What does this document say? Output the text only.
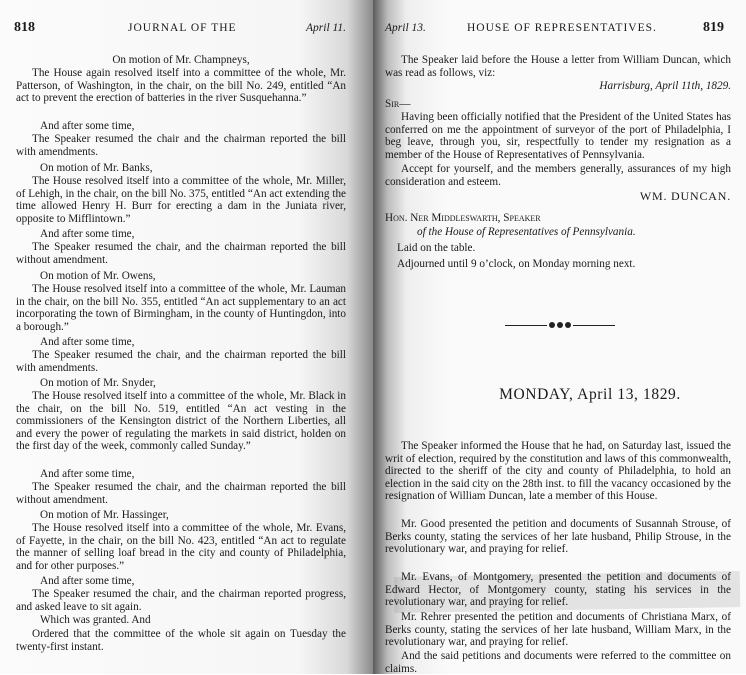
818	JOURNAL OF THE	April 11.
On motion of Mr. Champneys,
The House again resolved itself into a committee of the whole, Mr. Patterson, of Washington, in the chair, on the bill No. 249, entitled “An act to prevent the erection of batteries in the river Susquehanna.”
And after some time,
The Speaker resumed the chair and the chairman reported the bill with amendments.
On motion of Mr. Banks,
The House resolved itself into a committee of the whole, Mr. Miller, of Lehigh, in the chair, on the bill No. 375, entitled “An act extending the time allowed Henry H. Burr for erecting a dam in the Juniata river, opposite to Mifflintown.”
And after some time,
The Speaker resumed the chair, and the chairman reported the bill without amendment.
On motion of Mr. Owens,
The House resolved itself into a committee of the whole, Mr. Lauman in the chair, on the bill No. 355, entitled “An act supplementary to an act incorporating the town of Birmingham, in the county of Huntingdon, into a borough.”
And after some time,
The Speaker resumed the chair, and the chairman reported the bill with amendments.
On motion of Mr. Snyder,
The House resolved itself into a committee of the whole, Mr. Black in the chair, on the bill No. 519, entitled “An act vesting in the commissioners of the Kensington district of the Northern Liberties, all and every the power of regulating the markets in said district, holden on the first day of the week, commonly called Sunday.”
And after some time,
The Speaker resumed the chair, and the chairman reported the bill without amendment.
On motion of Mr. Hassinger,
The House resolved itself into a committee of the whole, Mr. Evans, of Fayette, in the chair, on the bill No. 423, entitled “An act to regulate the manner of selling loaf bread in the city and county of Philadelphia, and for other purposes.”
And after some time,
The Speaker resumed the chair, and the chairman reported progress, and asked leave to sit again.
Which was granted. And
Ordered that the committee of the whole sit again on Tuesday the twenty-first instant.
April 13.	HOUSE OF REPRESENTATIVES.	819
The Speaker laid before the House a letter from William Duncan, which was read as follows, viz:
Harrisburg, April 11th, 1829.
Sir—
Having been officially notified that the President of the United States has conferred on me the appointment of surveyor of the port of Philadelphia, I beg leave, through you, sir, respectfully to tender my resignation as a member of the House of Representatives of Pennsylvania.
Accept for yourself, and the members generally, assurances of my high consideration and esteem.
WM. DUNCAN.
Hon. Ner Middleswarth, Speaker
of the House of Representatives of Pennsylvania.
Laid on the table.
Adjourned until 9 o’clock, on Monday morning next.
MONDAY, April 13, 1829.
The Speaker informed the House that he had, on Saturday last, issued the writ of election, required by the constitution and laws of this commonwealth, directed to the sheriff of the city and county of Philadelphia, to hold an election in the said city on the 28th inst. to fill the vacancy occasioned by the resignation of William Duncan, late a member of this House.
Mr. Good presented the petition and documents of Susannah Strouse, of Berks county, stating the services of her late husband, Philip Strouse, in the revolutionary war, and praying for relief.
Mr. Evans, of Montgomery, presented the petition and documents of Edward Hector, of Montgomery county, stating his services in the revolutionary war, and praying for relief.
Mr. Rehrer presented the petition and documents of Christiana Marx, of Berks county, stating the services of her late husband, William Marx, in the revolutionary war, and praying for relief.
And the said petitions and documents were referred to the committee on claims.
